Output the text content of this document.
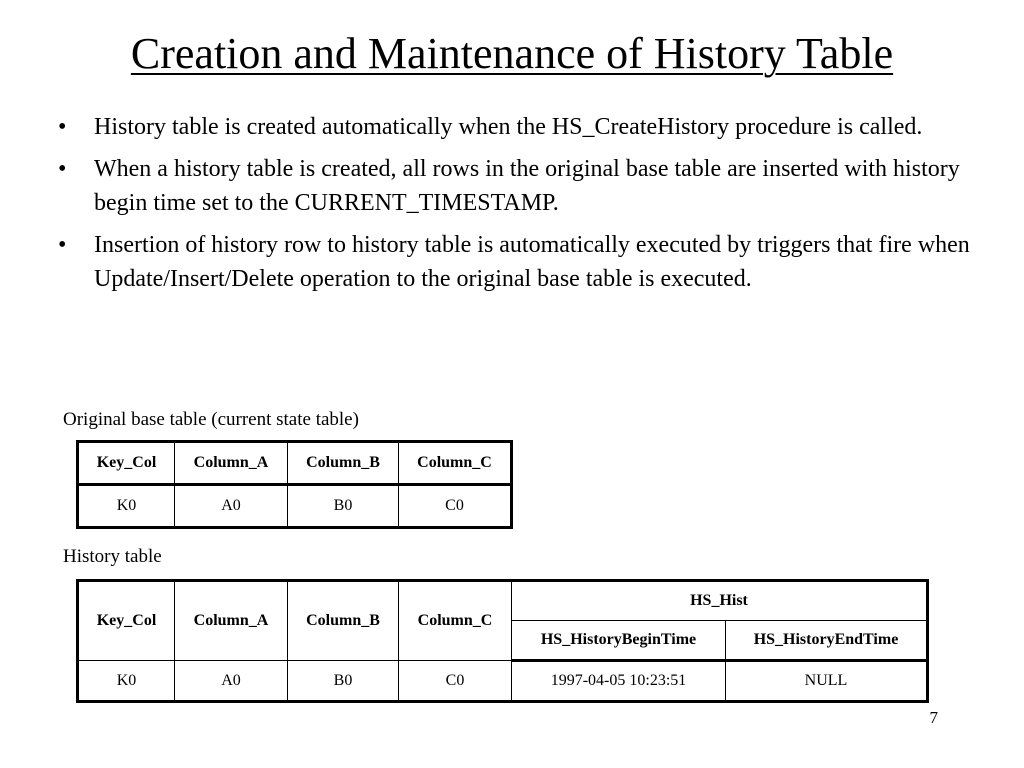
Creation and Maintenance of History Table
• History table is created automatically when the HS_CreateHistory procedure is called.
• When a history table is created, all rows in the original base table are inserted with history begin time set to the CURRENT_TIMESTAMP.
• Insertion of history row to history table is automatically executed by triggers that fire when Update/Insert/Delete operation to the original base table is executed.
Original base table (current state table)
Key_Col	Column_A	Column_B	Column_C
K0	A0	B0	C0
History table
Key_Col	Column_A	Column_B	Column_C	HS_Hist	
				HS_HistoryBeginTime	HS_HistoryEndTime
K0	A0	B0	C0	1997-04-05 10:23:51	NULL
7
